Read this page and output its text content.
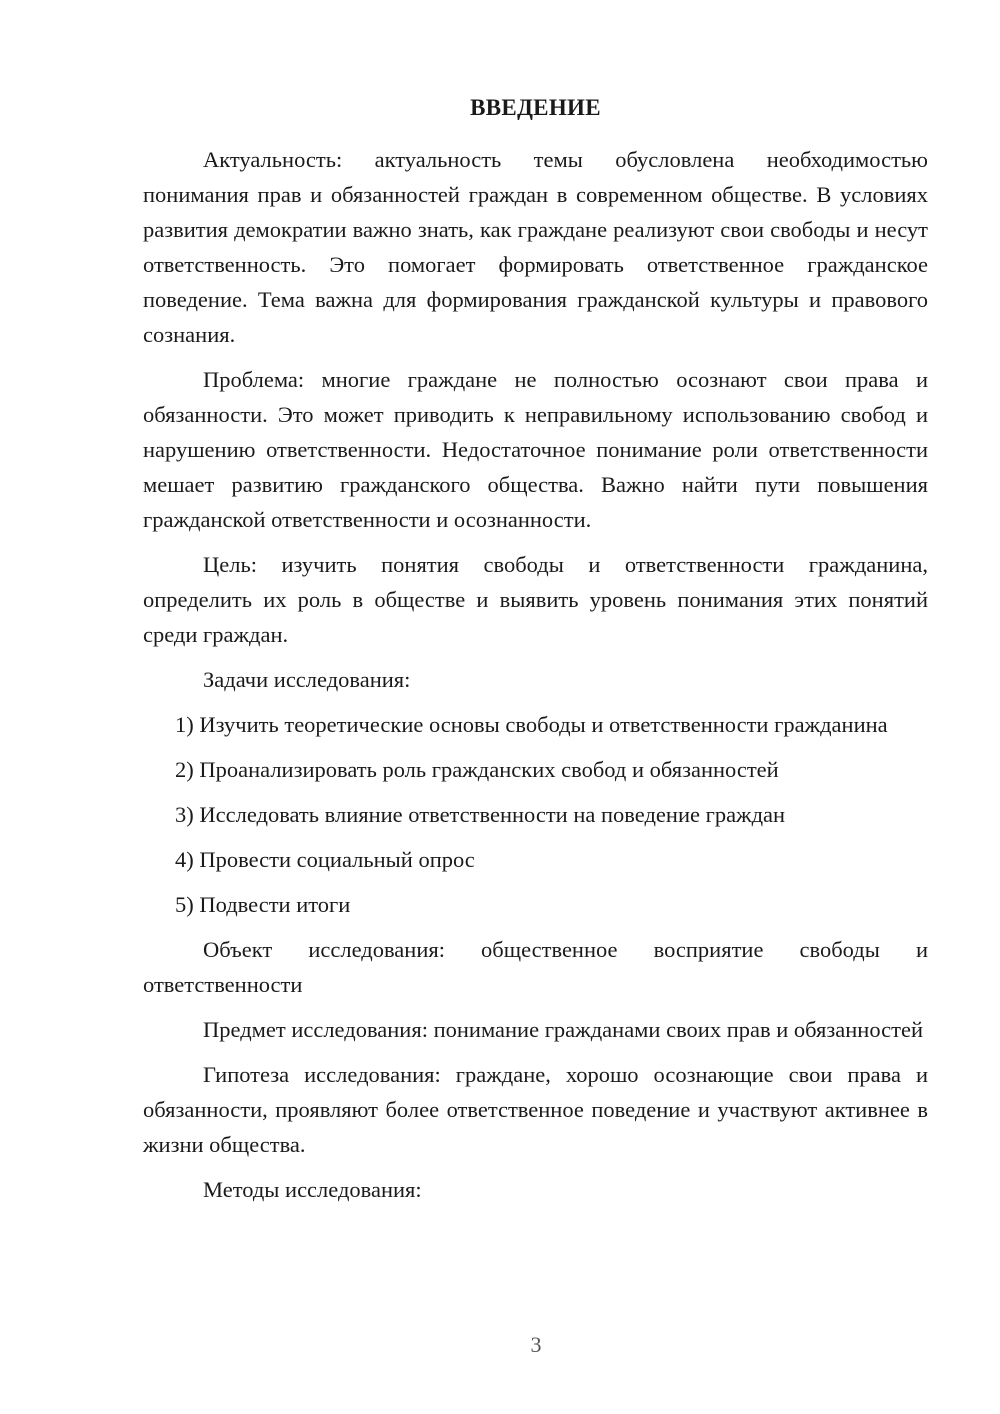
ВВЕДЕНИЕ

Актуальность: актуальность темы обусловлена необходимостью понимания прав и обязанностей граждан в современном обществе. В условиях развития демократии важно знать, как граждане реализуют свои свободы и несут ответственность. Это помогает формировать ответственное гражданское поведение. Тема важна для формирования гражданской культуры и правового сознания.

Проблема: многие граждане не полностью осознают свои права и обязанности. Это может приводить к неправильному использованию свобод и нарушению ответственности. Недостаточное понимание роли ответственности мешает развитию гражданского общества. Важно найти пути повышения гражданской ответственности и осознанности.

Цель: изучить понятия свободы и ответственности гражданина, определить их роль в обществе и выявить уровень понимания этих понятий среди граждан.

Задачи исследования:

1) Изучить теоретические основы свободы и ответственности гражданина

2) Проанализировать роль гражданских свобод и обязанностей

3) Исследовать влияние ответственности на поведение граждан

4) Провести социальный опрос

5) Подвести итоги

Объект исследования: общественное восприятие свободы и ответственности

Предмет исследования: понимание гражданами своих прав и обязанностей

Гипотеза исследования: граждане, хорошо осознающие свои права и обязанности, проявляют более ответственное поведение и участвуют активнее в жизни общества.

Методы исследования:

3
